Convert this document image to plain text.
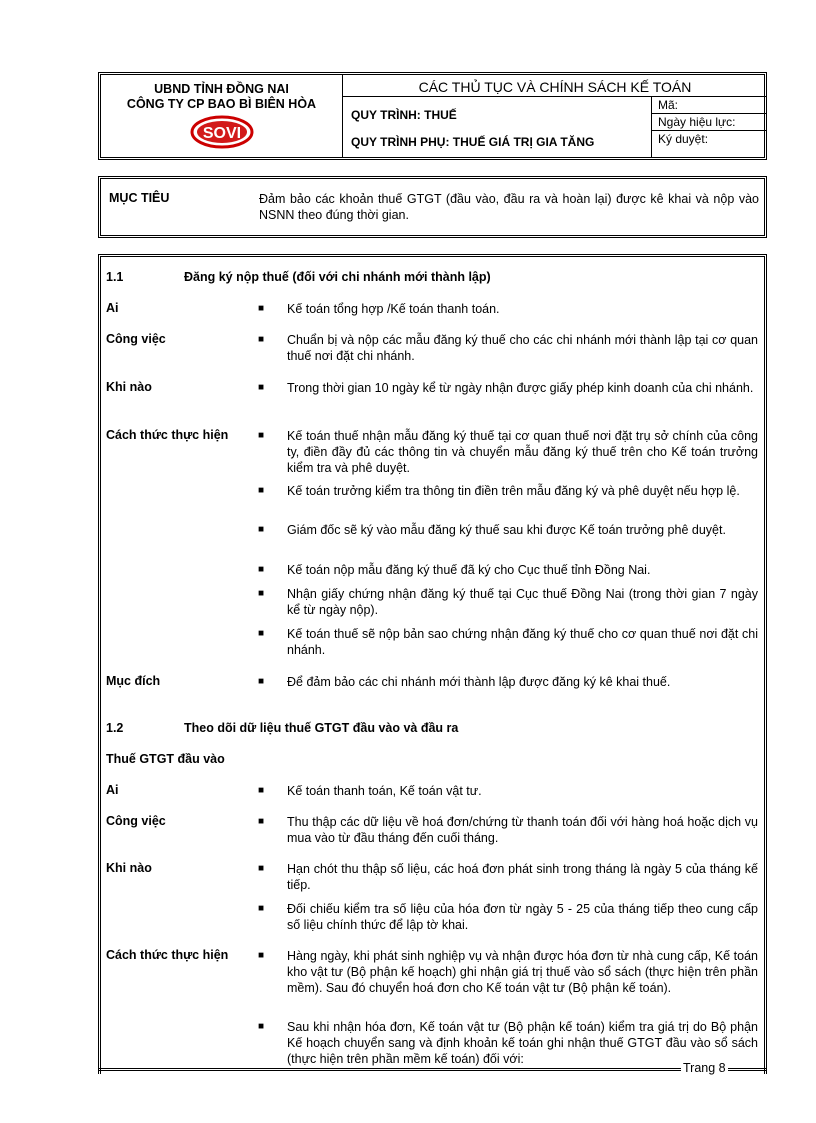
UBND TỈNH ĐỒNG NAI
CÔNG TY CP BAO BÌ BIÊN HÒA
SOVI
CÁC THỦ TỤC VÀ CHÍNH SÁCH KẾ TOÁN
QUY TRÌNH: THUẾ
QUY TRÌNH PHỤ: THUẾ GIÁ TRỊ GIA TĂNG
Mã:
Ngày hiệu lực:
Ký duyệt:
MỤC TIÊU	Đảm bảo các khoản thuế GTGT (đầu vào, đầu ra và hoàn lại) được kê khai và nộp vào NSNN theo đúng thời gian.
1.1	Đăng ký nộp thuế (đối với chi nhánh mới thành lập)
Ai	■ Kế toán tổng hợp /Kế toán thanh toán.
Công việc	■ Chuẩn bị và nộp các mẫu đăng ký thuế cho các chi nhánh mới thành lập tại cơ quan thuế nơi đặt chi nhánh.
Khi nào	■ Trong thời gian 10 ngày kể từ ngày nhận được giấy phép kinh doanh của chi nhánh.
Cách thức thực hiện	■ Kế toán thuế nhận mẫu đăng ký thuế tại cơ quan thuế nơi đặt trụ sở chính của công ty, điền đầy đủ các thông tin và chuyển mẫu đăng ký thuế trên cho Kế toán trưởng kiểm tra và phê duyệt.
■ Kế toán trưởng kiểm tra thông tin điền trên mẫu đăng ký và phê duyệt nếu hợp lệ.
■ Giám đốc sẽ ký vào mẫu đăng ký thuế sau khi được Kế toán trưởng phê duyệt.
■ Kế toán nộp mẫu đăng ký thuế đã ký cho Cục thuế tỉnh Đồng Nai.
■ Nhận giấy chứng nhận đăng ký thuế tại Cục thuế Đồng Nai (trong thời gian 7 ngày kể từ ngày nộp).
■ Kế toán thuế sẽ nộp bản sao chứng nhận đăng ký thuế cho cơ quan thuế nơi đặt chi nhánh.
Mục đích	■ Để đảm bảo các chi nhánh mới thành lập được đăng ký kê khai thuế.
1.2	Theo dõi dữ liệu thuế GTGT đầu vào và đầu ra
Thuế GTGT đầu vào
Ai	■ Kế toán thanh toán, Kế toán vật tư.
Công việc	■ Thu thập các dữ liệu về hoá đơn/chứng từ thanh toán đối với hàng hoá hoặc dịch vụ mua vào từ đầu tháng đến cuối tháng.
Khi nào	■ Hạn chót thu thập số liệu, các hoá đơn phát sinh trong tháng là ngày 5 của tháng kế tiếp.
■ Đối chiếu kiểm tra số liệu của hóa đơn từ ngày 5 - 25 của tháng tiếp theo cung cấp số liệu chính thức để lập tờ khai.
Cách thức thực hiện	■ Hàng ngày, khi phát sinh nghiệp vụ và nhận được hóa đơn từ nhà cung cấp, Kế toán kho vật tư (Bộ phận kế hoạch) ghi nhận giá trị thuế vào sổ sách (thực hiện trên phần mềm). Sau đó chuyển hoá đơn cho Kế toán vật tư (Bộ phận kế toán).
■ Sau khi nhận hóa đơn, Kế toán vật tư (Bộ phận kế toán) kiểm tra giá trị do Bộ phận Kế hoạch chuyển sang và định khoản kế toán ghi nhận thuế GTGT đầu vào sổ sách (thực hiện trên phần mềm kế toán) đối với:
Trang 8
